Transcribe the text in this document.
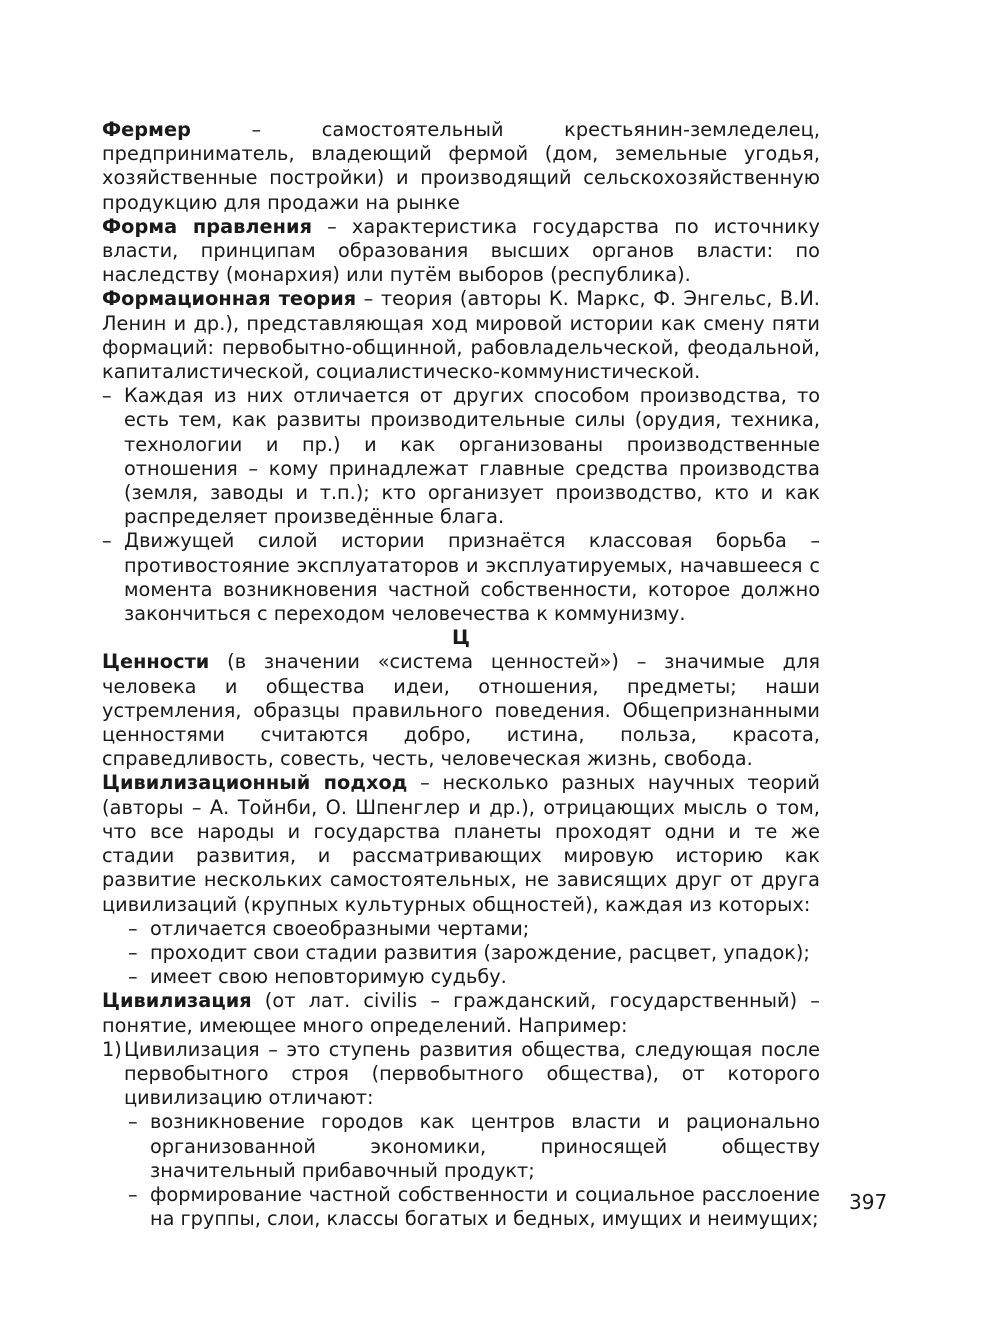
Фермер – самостоятельный крестьянин-земледелец, предприниматель, владеющий фермой (дом, земельные угодья, хозяйственные постройки) и производящий сельскохозяйственную продукцию для продажи на рынке

Форма правления – характеристика государства по источнику власти, принципам образования высших органов власти: по наследству (монархия) или путём выборов (республика).

Формационная теория – теория (авторы К. Маркс, Ф. Энгельс, В.И. Ленин и др.), представляющая ход мировой истории как смену пяти формаций: первобытно-общинной, рабовладельческой, феодальной, капиталистической, социалистическо-коммунистической.

– Каждая из них отличается от других способом производства, то есть тем, как развиты производительные силы (орудия, техника, технологии и пр.) и как организованы производственные отношения – кому принадлежат главные средства производства (земля, заводы и т.п.); кто организует производство, кто и как распределяет произведённые блага.
– Движущей силой истории признаётся классовая борьба – противостояние эксплуататоров и эксплуатируемых, начавшееся с момента возникновения частной собственности, которое должно закончиться с переходом человечества к коммунизму.

Ц

Ценности (в значении «система ценностей») – значимые для человека и общества идеи, отношения, предметы; наши устремления, образцы правильного поведения. Общепризнанными ценностями считаются добро, истина, польза, красота, справедливость, совесть, честь, человеческая жизнь, свобода.

Цивилизационный подход – несколько разных научных теорий (авторы – А. Тойнби, О. Шпенглер и др.), отрицающих мысль о том, что все народы и государства планеты проходят одни и те же стадии развития, и рассматривающих мировую историю как развитие нескольких самостоятельных, не зависящих друг от друга цивилизаций (крупных культурных общностей), каждая из которых:

– отличается своеобразными чертами;
– проходит свои стадии развития (зарождение, расцвет, упадок);
– имеет свою неповторимую судьбу.

Цивилизация (от лат. civilis – гражданский, государственный) – понятие, имеющее много определений. Например:

1) Цивилизация – это ступень развития общества, следующая после первобытного строя (первобытного общества), от которого цивилизацию отличают:
– возникновение городов как центров власти и рационально организованной экономики, приносящей обществу значительный прибавочный продукт;
– формирование частной собственности и социальное расслоение на группы, слои, классы богатых и бедных, имущих и неимущих;
397
